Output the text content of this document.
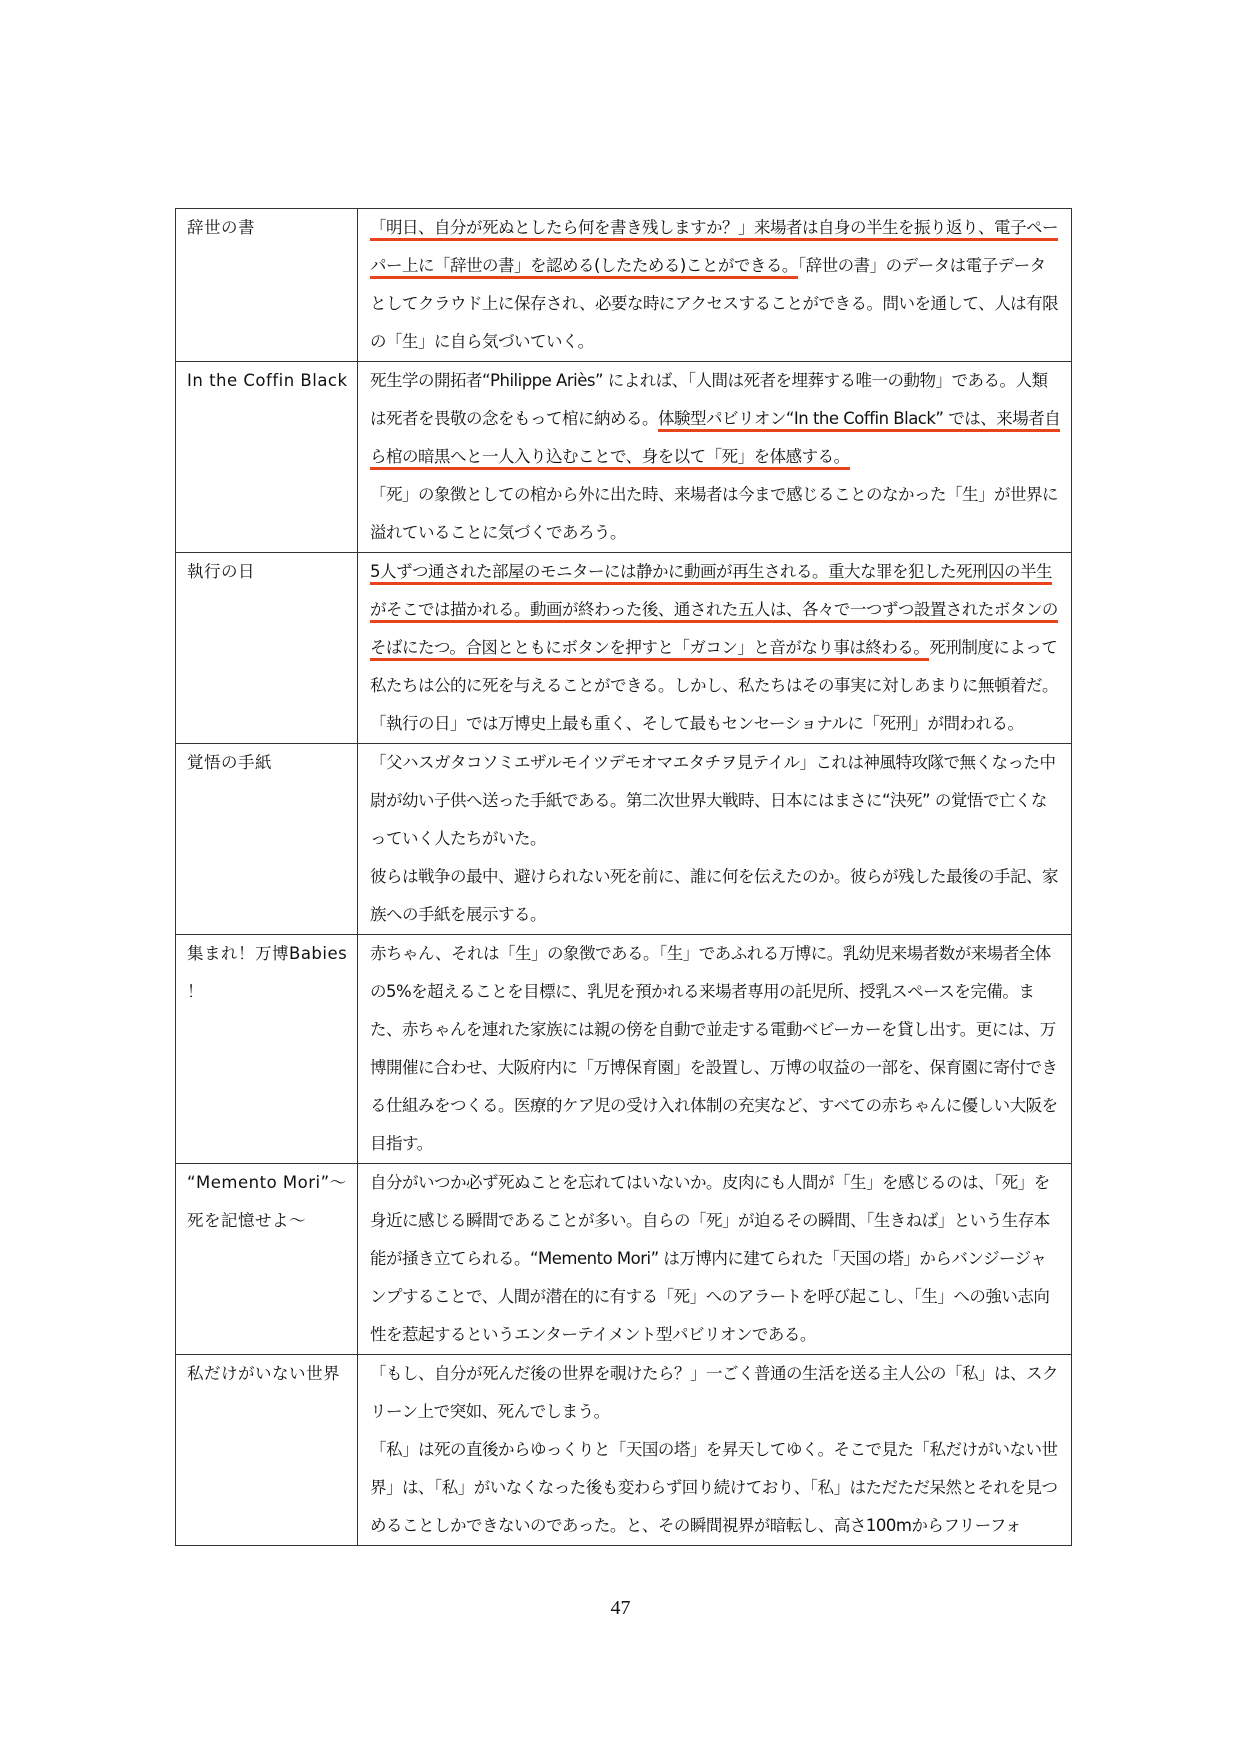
辞世の書	「明日、自分が死ぬとしたら何を書き残しますか？」来場者は自身の半生を振り返り、電子ペーパー上に「辞世の書」を認める(したためる)ことができる。「辞世の書」のデータは電子データとしてクラウド上に保存され、必要な時にアクセスすることができる。問いを通して、人は有限の「生」に自ら気づいていく。

In the Coffin Black	死生学の開拓者“Philippe Ariès” によれば、「人間は死者を埋葬する唯一の動物」である。人類は死者を畏敬の念をもって棺に納める。体験型パビリオン“In the Coffin Black” では、来場者自ら棺の暗黒へと一人入り込むことで、身を以て「死」を体感する。

「死」の象徴としての棺から外に出た時、来場者は今まで感じることのなかった「生」が世界に溢れていることに気づくであろう。

執行の日	5人ずつ通された部屋のモニターには静かに動画が再生される。重大な罪を犯した死刑囚の半生がそこでは描かれる。動画が終わった後、通された五人は、各々で一つずつ設置されたボタンのそばにたつ。合図とともにボタンを押すと「ガコン」と音がなり事は終わる。死刑制度によって私たちは公的に死を与えることができる。しかし、私たちはその事実に対しあまりに無頓着だ。「執行の日」では万博史上最も重く、そして最もセンセーショナルに「死刑」が問われる。

覚悟の手紙	「父ハスガタコソミエザルモイツデモオマエタチヲ見テイル」これは神風特攻隊で無くなった中尉が幼い子供へ送った手紙である。第二次世界大戦時、日本にはまさに“決死” の覚悟で亡くなっていく人たちがいた。

彼らは戦争の最中、避けられない死を前に、誰に何を伝えたのか。彼らが残した最後の手記、家族への手紙を展示する。

集まれ！万博Babies ！	赤ちゃん、それは「生」の象徴である。「生」であふれる万博に。乳幼児来場者数が来場者全体の5%を超えることを目標に、乳児を預かれる来場者専用の託児所、授乳スペースを完備。また、赤ちゃんを連れた家族には親の傍を自動で並走する電動ベビーカーを貸し出す。更には、万博開催に合わせ、大阪府内に「万博保育園」を設置し、万博の収益の一部を、保育園に寄付できる仕組みをつくる。医療的ケア児の受け入れ体制の充実など、すべての赤ちゃんに優しい大阪を目指す。

“Memento Mori”〜死を記憶せよ〜	自分がいつか必ず死ぬことを忘れてはいないか。皮肉にも人間が「生」を感じるのは、「死」を身近に感じる瞬間であることが多い。自らの「死」が迫るその瞬間、「生きねば」という生存本能が掻き立てられる。“Memento Mori” は万博内に建てられた「天国の塔」からバンジージャンプすることで、人間が潜在的に有する「死」へのアラートを呼び起こし、「生」への強い志向性を惹起するというエンターテイメント型パビリオンである。

私だけがいない世界	「もし、自分が死んだ後の世界を覗けたら？」一ごく普通の生活を送る主人公の「私」は、スクリーン上で突如、死んでしまう。

「私」は死の直後からゆっくりと「天国の塔」を昇天してゆく。そこで見た「私だけがいない世界」は、「私」がいなくなった後も変わらず回り続けており、「私」はただただ呆然とそれを見つめることしかできないのであった。と、その瞬間視界が暗転し、高さ100mからフリーフォ

47
